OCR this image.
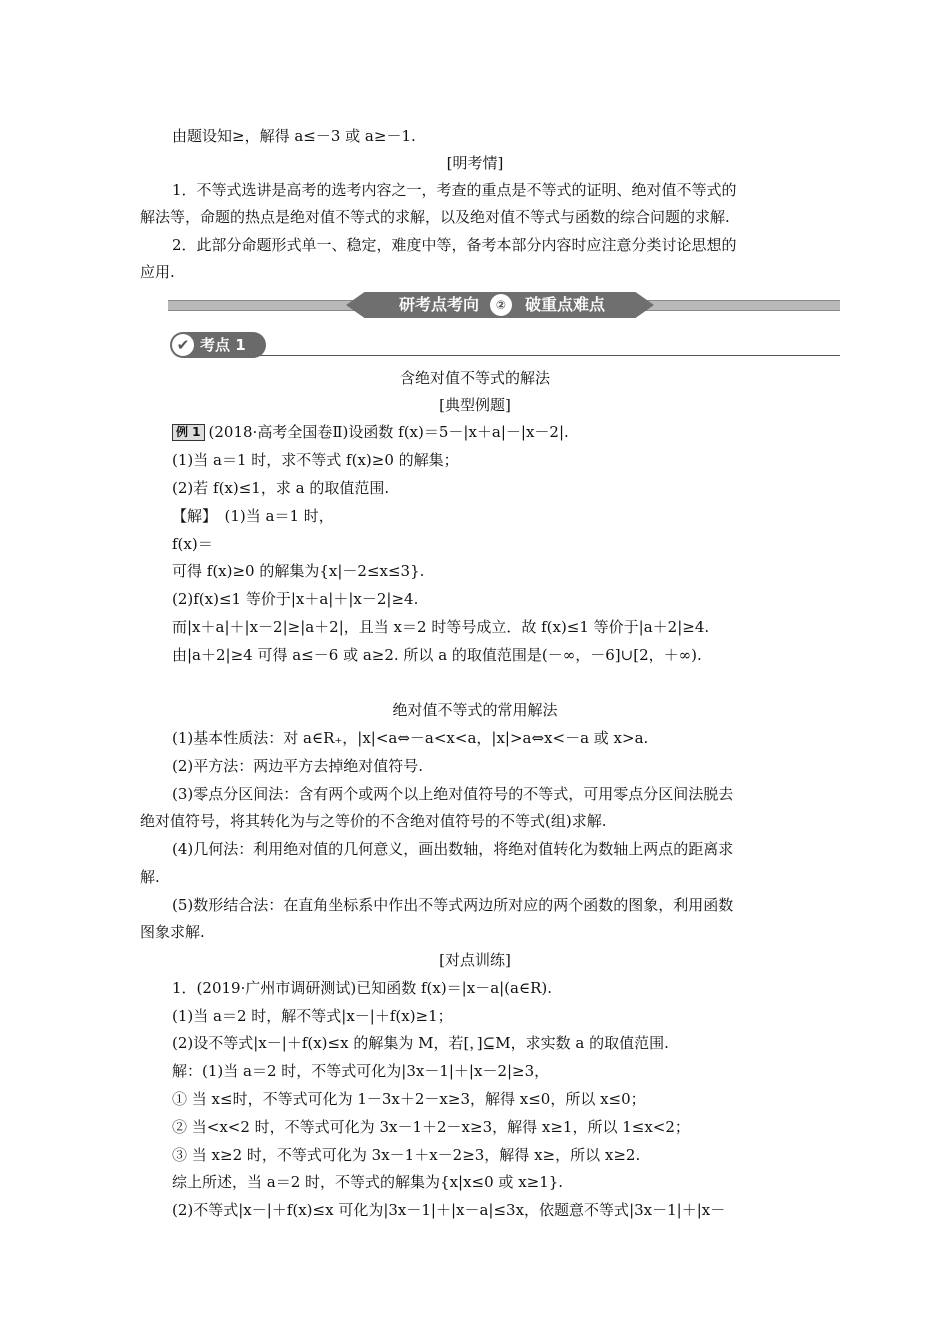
由题设知≥，解得 a≤－3 或 a≥－1.
[明考情]
1．不等式选讲是高考的选考内容之一，考查的重点是不等式的证明、绝对值不等式的
解法等，命题的热点是绝对值不等式的求解，以及绝对值不等式与函数的综合问题的求解.
2．此部分命题形式单一、稳定，难度中等，备考本部分内容时应注意分类讨论思想的
应用.
研考点考向	②	破重点难点
✔ 考点 1
含绝对值不等式的解法
[典型例题]
例 1 (2018·高考全国卷Ⅱ)设函数 f(x)＝5－|x＋a|－|x－2|.
(1)当 a＝1 时，求不等式 f(x)≥0 的解集；
(2)若 f(x)≤1，求 a 的取值范围.
【解】　(1)当 a＝1 时，
f(x)＝
可得 f(x)≥0 的解集为{x|－2≤x≤3}.
(2)f(x)≤1 等价于|x＋a|＋|x－2|≥4.
而|x＋a|＋|x－2|≥|a＋2|，且当 x＝2 时等号成立．故 f(x)≤1 等价于|a＋2|≥4.
由|a＋2|≥4 可得 a≤－6 或 a≥2. 所以 a 的取值范围是(－∞，－6]∪[2，＋∞).
绝对值不等式的常用解法
(1)基本性质法：对 a∈R₊，|x|<a⇔－a<x<a，|x|>a⇔x<－a 或 x>a.
(2)平方法：两边平方去掉绝对值符号.
(3)零点分区间法：含有两个或两个以上绝对值符号的不等式，可用零点分区间法脱去
绝对值符号，将其转化为与之等价的不含绝对值符号的不等式(组)求解.
(4)几何法：利用绝对值的几何意义，画出数轴，将绝对值转化为数轴上两点的距离求
解.
(5)数形结合法：在直角坐标系中作出不等式两边所对应的两个函数的图象，利用函数
图象求解.
[对点训练]
1．(2019·广州市调研测试)已知函数 f(x)＝|x－a|(a∈R).
(1)当 a＝2 时，解不等式|x－|＋f(x)≥1；
(2)设不等式|x－|＋f(x)≤x 的解集为 M，若[，]⊆M，求实数 a 的取值范围.
解：(1)当 a＝2 时，不等式可化为|3x－1|＋|x－2|≥3，
① 当 x≤时，不等式可化为 1－3x＋2－x≥3，解得 x≤0，所以 x≤0；
② 当<x<2 时，不等式可化为 3x－1＋2－x≥3，解得 x≥1，所以 1≤x<2；
③ 当 x≥2 时，不等式可化为 3x－1＋x－2≥3，解得 x≥，所以 x≥2.
综上所述，当 a＝2 时，不等式的解集为{x|x≤0 或 x≥1}.
(2)不等式|x－|＋f(x)≤x 可化为|3x－1|＋|x－a|≤3x，依题意不等式|3x－1|＋|x－
